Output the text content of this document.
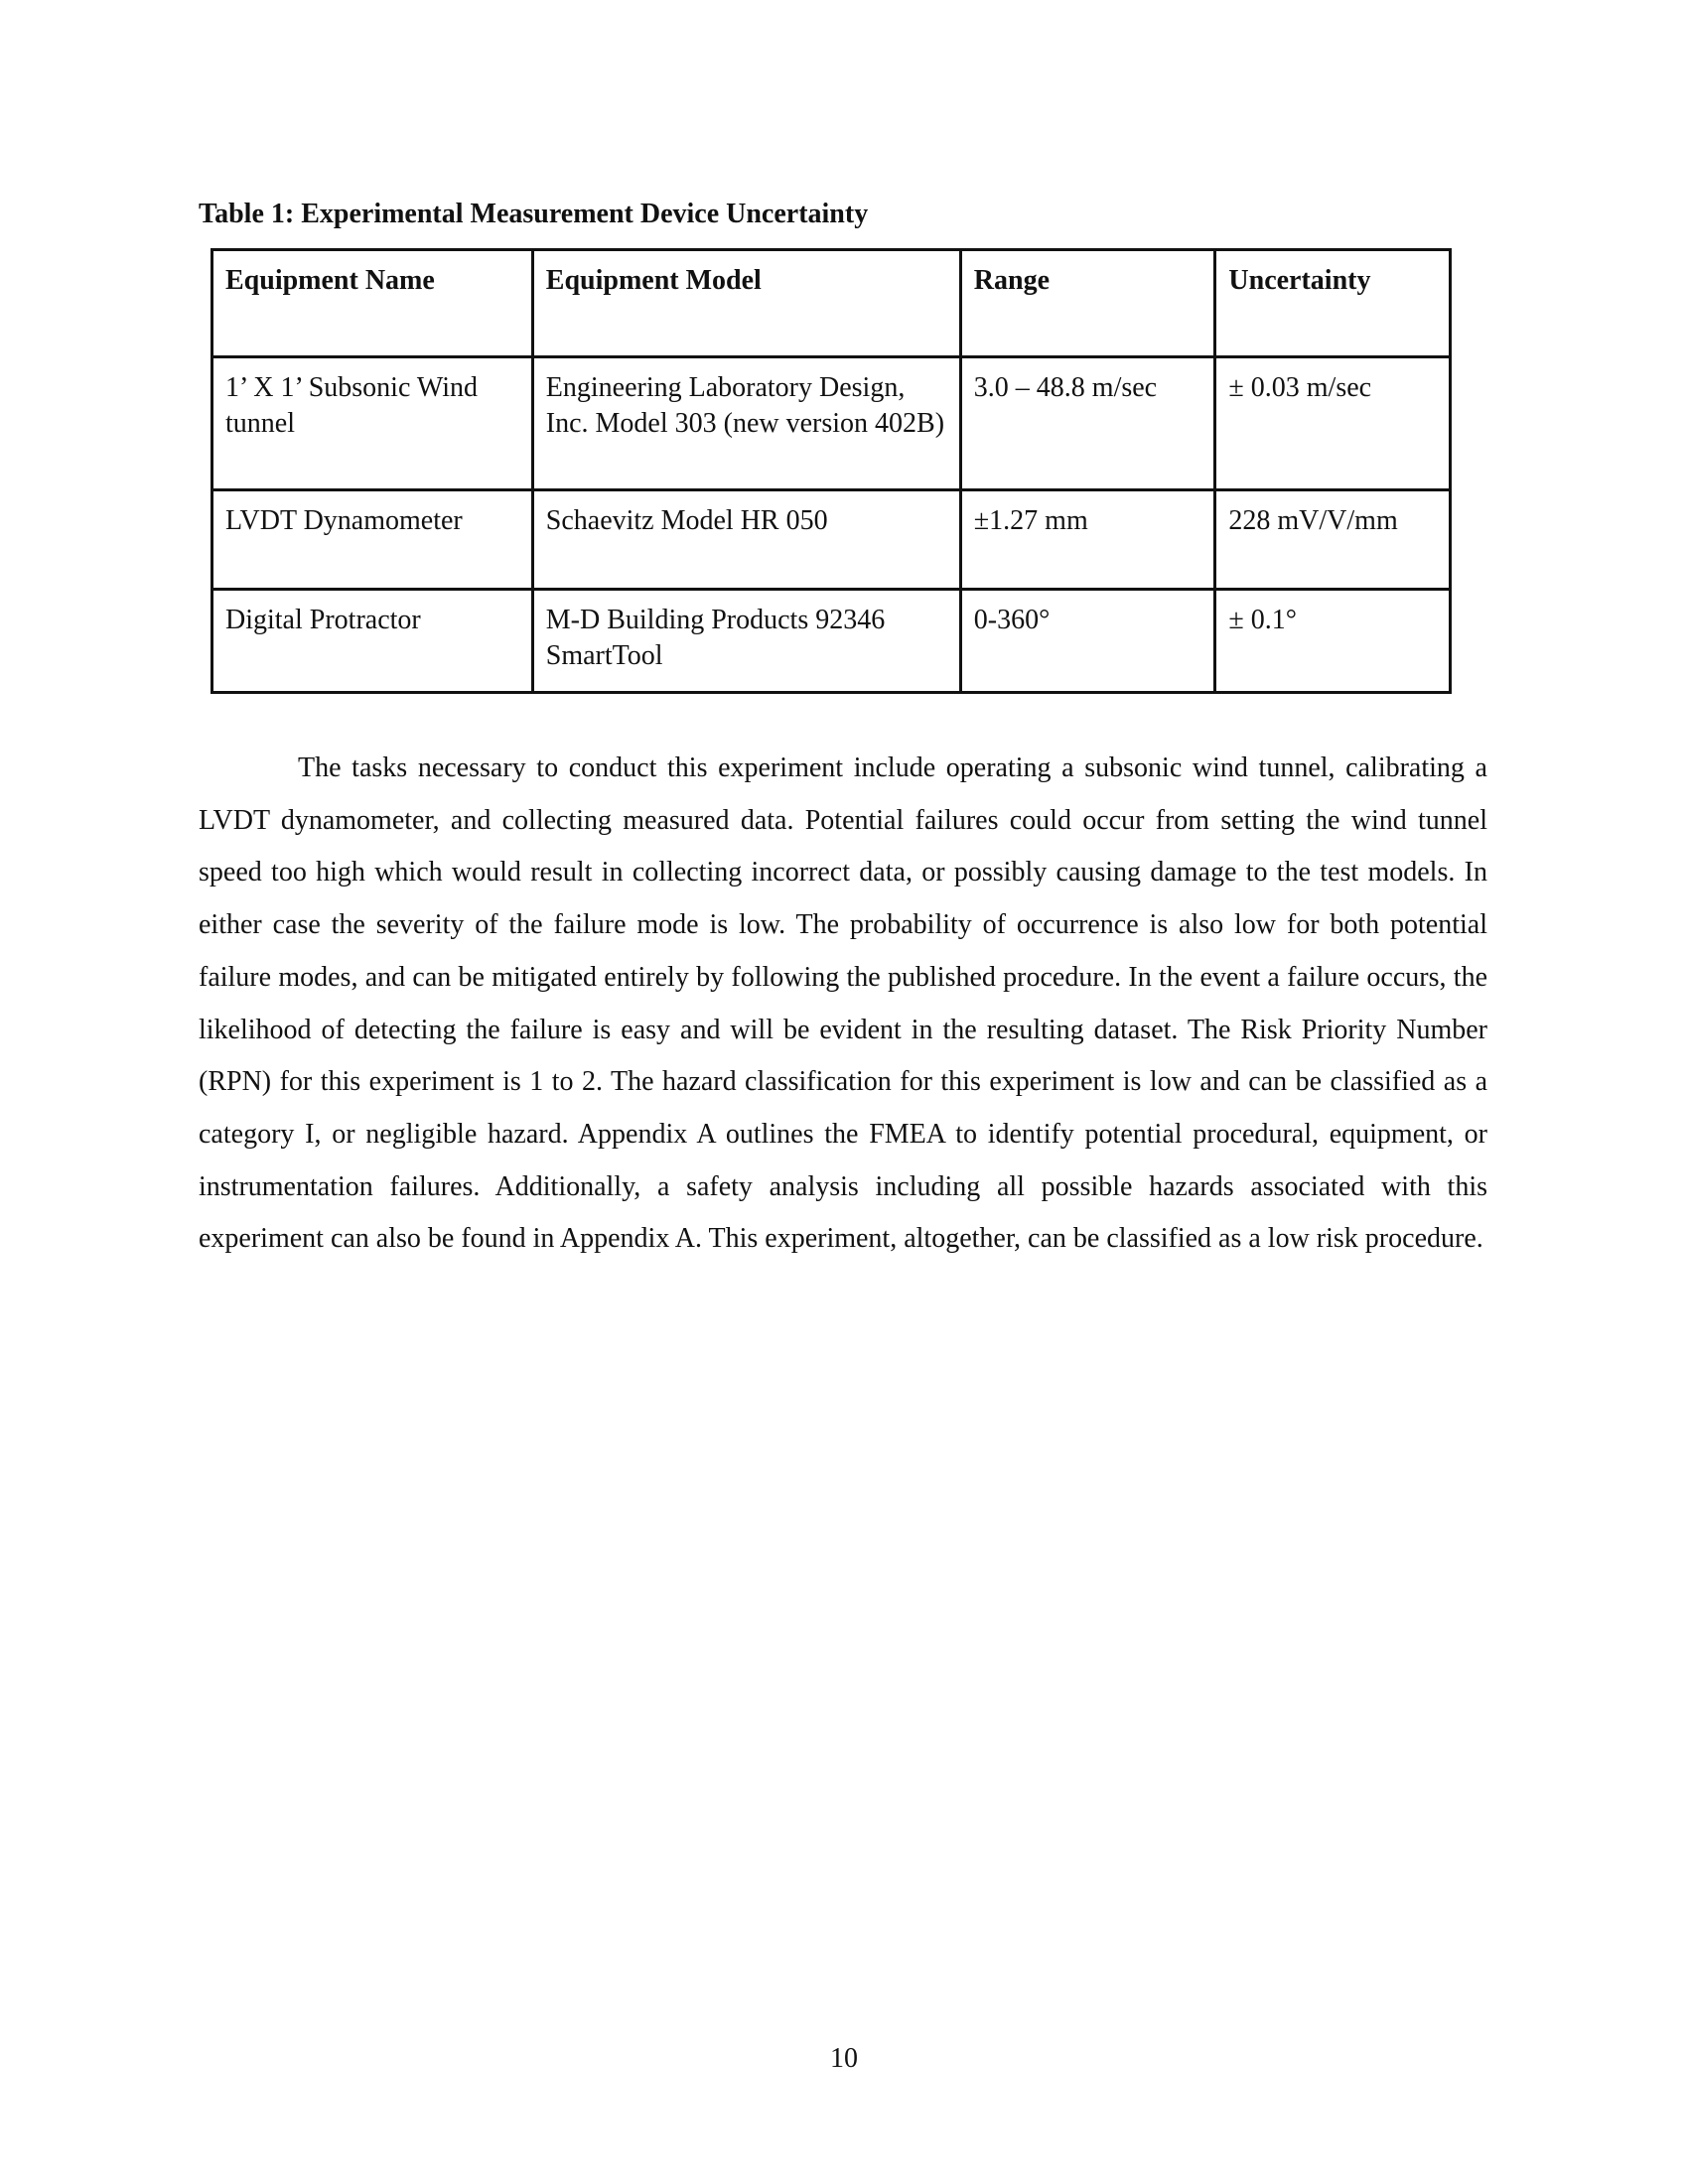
Table 1: Experimental Measurement Device Uncertainty

Equipment Name	Equipment Model	Range	Uncertainty
1’ X 1’ Subsonic Wind tunnel	Engineering Laboratory Design, Inc. Model 303 (new version 402B)	3.0 – 48.8 m/sec	± 0.03 m/sec
LVDT Dynamometer	Schaevitz Model HR 050	±1.27 mm	228 mV/V/mm
Digital Protractor	M-D Building Products 92346 SmartTool	0-360°	± 0.1°

The tasks necessary to conduct this experiment include operating a subsonic wind tunnel, calibrating a LVDT dynamometer, and collecting measured data. Potential failures could occur from setting the wind tunnel speed too high which would result in collecting incorrect data, or possibly causing damage to the test models. In either case the severity of the failure mode is low. The probability of occurrence is also low for both potential failure modes, and can be mitigated entirely by following the published procedure. In the event a failure occurs, the likelihood of detecting the failure is easy and will be evident in the resulting dataset. The Risk Priority Number (RPN) for this experiment is 1 to 2. The hazard classification for this experiment is low and can be classified as a category I, or negligible hazard. Appendix A outlines the FMEA to identify potential procedural, equipment, or instrumentation failures. Additionally, a safety analysis including all possible hazards associated with this experiment can also be found in Appendix A. This experiment, altogether, can be classified as a low risk procedure.

10
